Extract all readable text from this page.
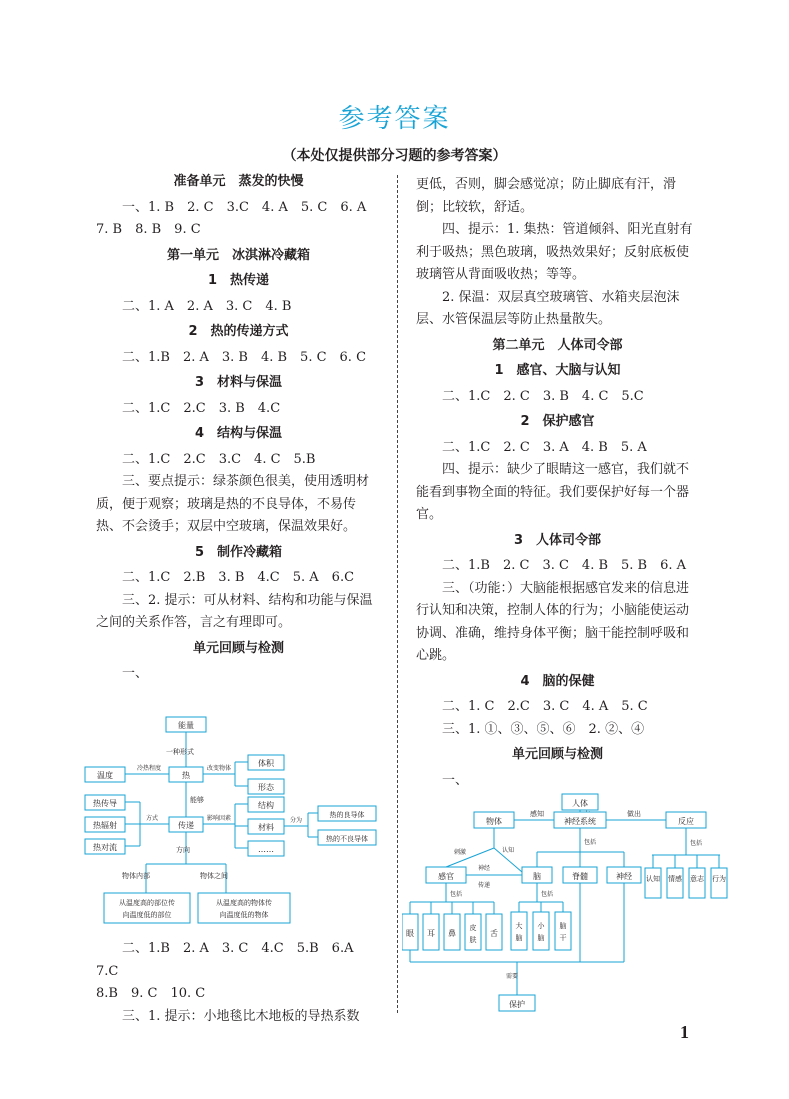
参考答案
（本处仅提供部分习题的参考答案）

准备单元　蒸发的快慢

一、1. B　2. C　3.C　4. A　5. C　6. A

7. B　8. B　9. C

第一单元　冰淇淋冷藏箱

1　热传递

二、1. A　2. A　3. C　4. B

2　热的传递方式

二、1.B　2. A　3. B　4. B　5. C　6. C

3　材料与保温

二、1.C　2.C　3. B　4.C

4　结构与保温

二、1.C　2.C　3.C　4. C　5.B

三、要点提示：绿茶颜色很美，使用透明材质，便于观察；玻璃是热的不良导体，不易传热、不会烫手；双层中空玻璃，保温效果好。

5　制作冷藏箱

二、1.C　2.B　3. B　4.C　5. A　6.C

三、2. 提示：可从材料、结构和功能与保温之间的关系作答，言之有理即可。

单元回顾与检测

一、

能量
一种形式
热
温度
冷热程度	改变物体
体积
形态
能够
传递
方式
热传导
热辐射
热对流
影响因素
结构
材料
……
分为
热的良导体
热的不良导体
方向
物体内部	物体之间
从温度高的部位传
向温度低的部位
从温度高的物体传
向温度低的物体

二、1.B　2. A　3. C　4.C　5.B　6.A　7.C

8.B　9. C　10. C

三、1. 提示：小地毯比木地板的导热系数

更低，否则，脚会感觉凉；防止脚底有汗，滑倒；比较软，舒适。

四、提示：1. 集热：管道倾斜、阳光直射有利于吸热；黑色玻璃，吸热效果好；反射底板使玻璃管从背面吸收热；等等。

2. 保温：双层真空玻璃管、水箱夹层泡沫层、水管保温层等防止热量散失。

第二单元　人体司令部

1　感官、大脑与认知

二、1.C　2. C　3. B　4. C　5.C

2　保护感官

二、1.C　2. C　3. A　4. B　5. A

四、提示：缺少了眼睛这一感官，我们就不能看到事物全面的特征。我们要保护好每一个器官。

3　人体司令部

二、1.B　2. C　3. C　4. B　5. B　6. A

三、（功能：）大脑能根据感官发来的信息进行认知和决策，控制人体的行为；小脑能使运动协调、准确，维持身体平衡；脑干能控制呼吸和心跳。

4　脑的保健

二、1. C　2.C　3. C　4. A　5. C

三、1. ①、③、⑤、⑥　2. ②、④

单元回顾与检测

一、

人体
神经系统
感知
物体
做出
反应
包括
认知 情感 意志 行为
包括
脑	脊髓	神经
刺激	认知
感官
神经
传递
包括
眼 耳 鼻
皮
肤
舌
包括
大
脑
小
脑
脑
干
需要
保护
1
